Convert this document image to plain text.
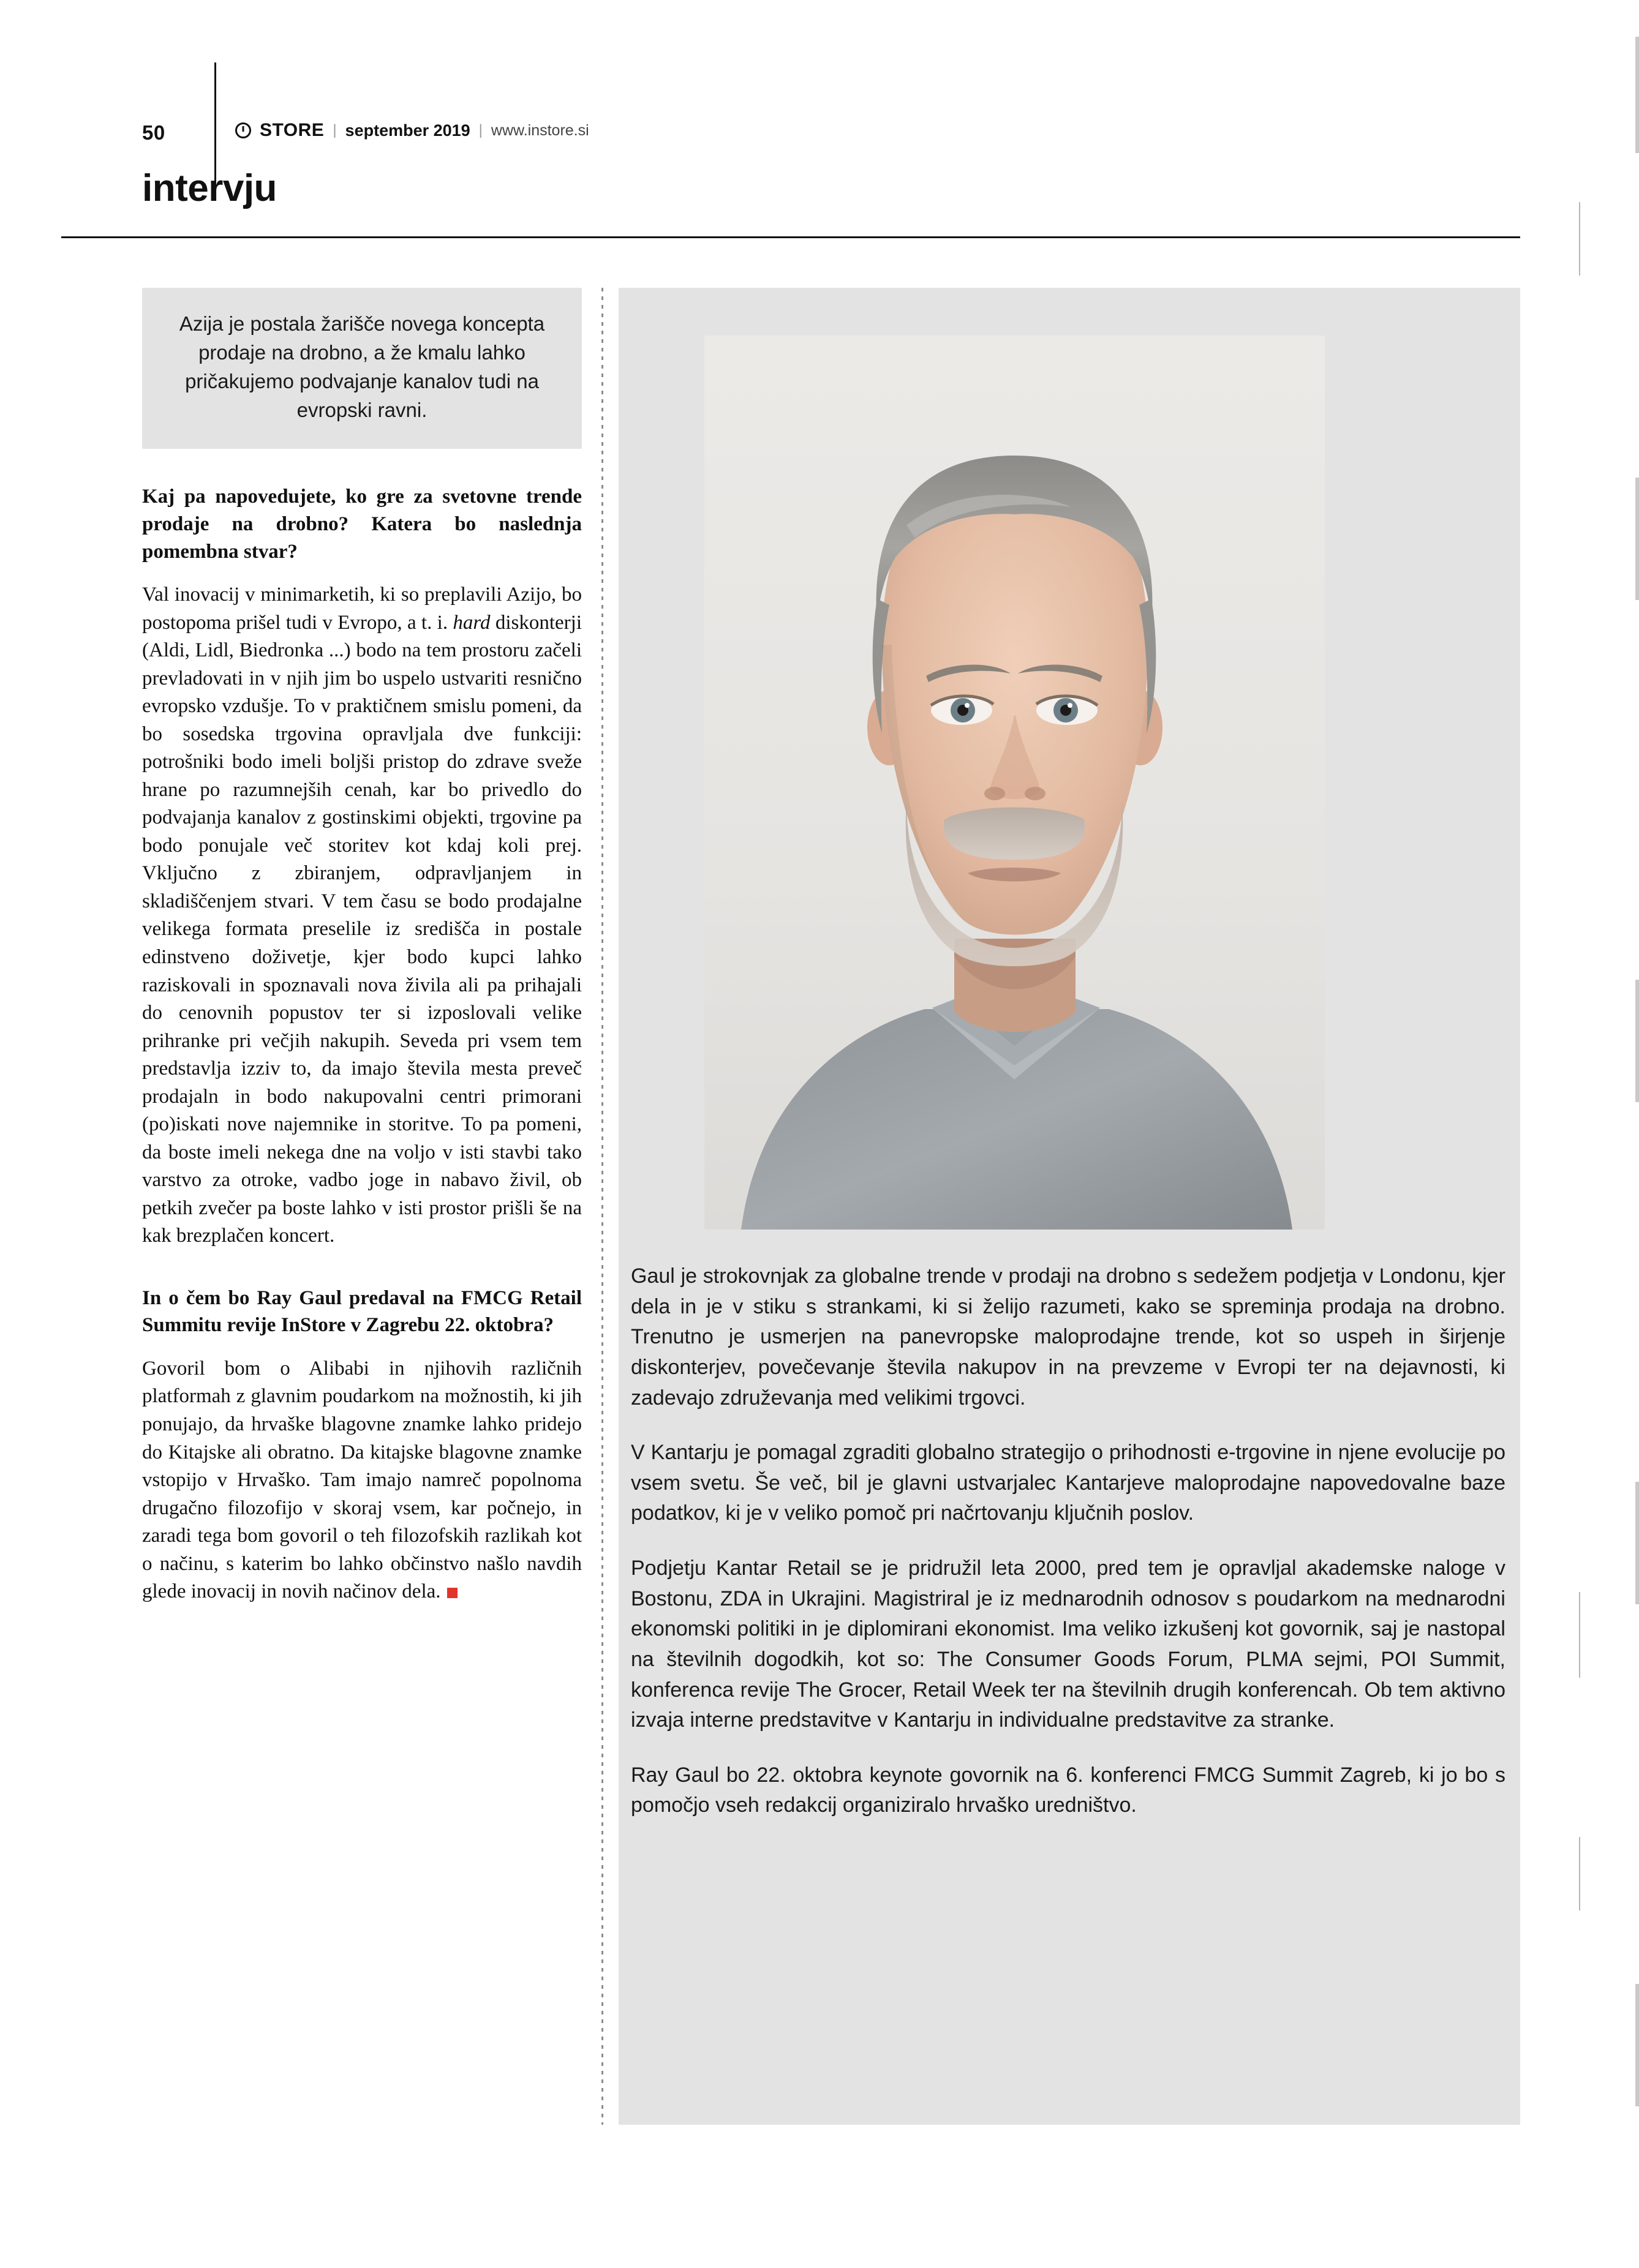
50	STORE | september 2019 | www.instore.si
intervju
Azija je postala žarišče novega koncepta prodaje na drobno, a že kmalu lahko pričakujemo podvajanje kanalov tudi na evropski ravni.
Kaj pa napovedujete, ko gre za svetovne trende prodaje na drobno? Katera bo naslednja pomembna stvar?
Val inovacij v minimarketih, ki so preplavili Azijo, bo postopoma prišel tudi v Evropo, a t. i. hard diskonterji (Aldi, Lidl, Biedronka ...) bodo na tem prostoru začeli prevladovati in v njih jim bo uspelo ustvariti resnično evropsko vzdušje. To v praktičnem smislu pomeni, da bo sosedska trgovina opravljala dve funkciji: potrošniki bodo imeli boljši pristop do zdrave sveže hrane po razumnejših cenah, kar bo privedlo do podvajanja kanalov z gostinskimi objekti, trgovine pa bodo ponujale več storitev kot kdaj koli prej. Vključno z zbiranjem, odpravljanjem in skladiščenjem stvari. V tem času se bodo prodajalne velikega formata preselile iz središča in postale edinstveno doživetje, kjer bodo kupci lahko raziskovali in spoznavali nova živila ali pa prihajali do cenovnih popustov ter si izposlovali velike prihranke pri večjih nakupih. Seveda pri vsem tem predstavlja izziv to, da imajo števila mesta preveč prodajaln in bodo nakupovalni centri primorani (po)iskati nove najemnike in storitve. To pa pomeni, da boste imeli nekega dne na voljo v isti stavbi tako varstvo za otroke, vadbo joge in nabavo živil, ob petkih zvečer pa boste lahko v isti prostor prišli še na kak brezplačen koncert.
In o čem bo Ray Gaul predaval na FMCG Retail Summitu revije InStore v Zagrebu 22. oktobra?
Govoril bom o Alibabi in njihovih različnih platformah z glavnim poudarkom na možnostih, ki jih ponujajo, da hrvaške blagovne znamke lahko pridejo do Kitajske ali obratno. Da kitajske blagovne znamke vstopijo v Hrvaško. Tam imajo namreč popolnoma drugačno filozofijo v skoraj vsem, kar počnejo, in zaradi tega bom govoril o teh filozofskih razlikah kot o načinu, s katerim bo lahko občinstvo našlo navdih glede inovacij in novih načinov dela.

Gaul je strokovnjak za globalne trende v prodaji na drobno s sedežem podjetja v Londonu, kjer dela in je v stiku s strankami, ki si želijo razumeti, kako se spreminja prodaja na drobno. Trenutno je usmerjen na panevropske maloprodajne trende, kot so uspeh in širjenje diskonterjev, povečevanje števila nakupov in na prevzeme v Evropi ter na dejavnosti, ki zadevajo združevanja med velikimi trgovci.

V Kantarju je pomagal zgraditi globalno strategijo o prihodnosti e-trgovine in njene evolucije po vsem svetu. Še več, bil je glavni ustvarjalec Kantarjeve maloprodajne napovedovalne baze podatkov, ki je v veliko pomoč pri načrtovanju ključnih poslov.

Podjetju Kantar Retail se je pridružil leta 2000, pred tem je opravljal akademske naloge v Bostonu, ZDA in Ukrajini. Magistriral je iz mednarodnih odnosov s poudarkom na mednarodni ekonomski politiki in je diplomirani ekonomist. Ima veliko izkušenj kot govornik, saj je nastopal na številnih dogodkih, kot so: The Consumer Goods Forum, PLMA sejmi, POI Summit, konferenca revije The Grocer, Retail Week ter na številnih drugih konferencah. Ob tem aktivno izvaja interne predstavitve v Kantarju in individualne predstavitve za stranke.

Ray Gaul bo 22. oktobra keynote govornik na 6. konferenci FMCG Summit Zagreb, ki jo bo s pomočjo vseh redakcij organiziralo hrvaško uredništvo.
